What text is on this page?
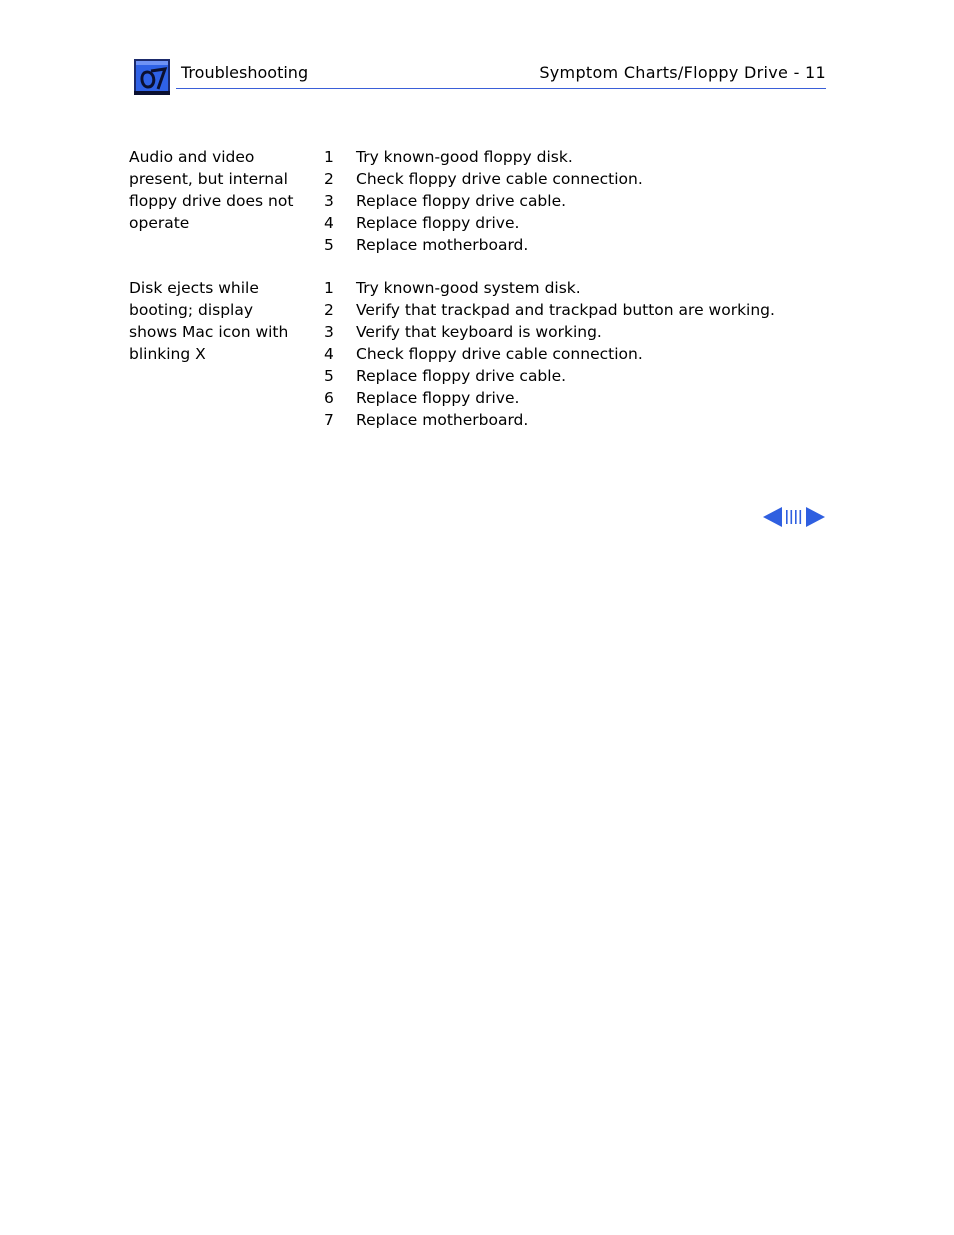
Troubleshooting	Symptom Charts/Floppy Drive - 11
Audio and video
present, but internal
floppy drive does not
operate
1 Try known-good floppy disk.
2 Check floppy drive cable connection.
3 Replace floppy drive cable.
4 Replace floppy drive.
5 Replace motherboard.
Disk ejects while
booting; display
shows Mac icon with
blinking X
1 Try known-good system disk.
2 Verify that trackpad and trackpad button are working.
3 Verify that keyboard is working.
4 Check floppy drive cable connection.
5 Replace floppy drive cable.
6 Replace floppy drive.
7 Replace motherboard.
